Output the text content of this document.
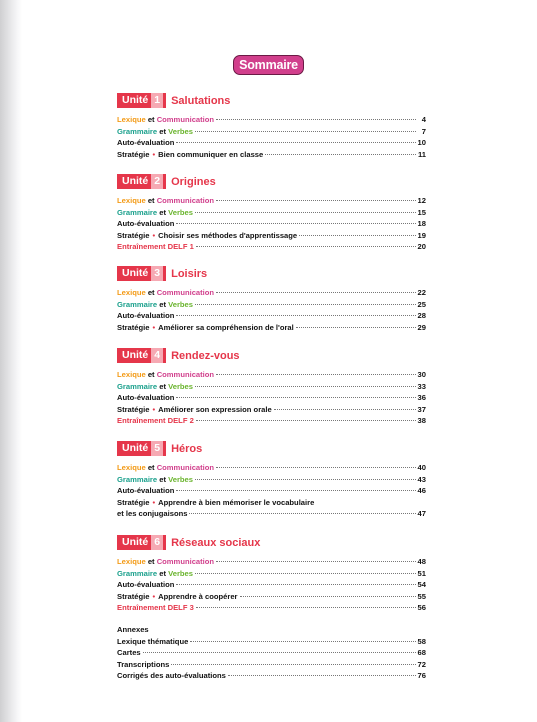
Sommaire
Unité 1	Salutations
Lexique et Communication	4
Grammaire et Verbes	7
Auto-évaluation	10
Stratégie • Bien communiquer en classe	11
Unité 2	Origines
Lexique et Communication	12
Grammaire et Verbes	15
Auto-évaluation	18
Stratégie • Choisir ses méthodes d'apprentissage	19
Entraînement DELF 1	20
Unité 3	Loisirs
Lexique et Communication	22
Grammaire et Verbes	25
Auto-évaluation	28
Stratégie • Améliorer sa compréhension de l'oral	29
Unité 4	Rendez-vous
Lexique et Communication	30
Grammaire et Verbes	33
Auto-évaluation	36
Stratégie • Améliorer son expression orale	37
Entraînement DELF 2	38
Unité 5	Héros
Lexique et Communication	40
Grammaire et Verbes	43
Auto-évaluation	46
Stratégie • Apprendre à bien mémoriser le vocabulaire
et les conjugaisons	47
Unité 6	Réseaux sociaux
Lexique et Communication	48
Grammaire et Verbes	51
Auto-évaluation	54
Stratégie • Apprendre à coopérer	55
Entraînement DELF 3	56
Annexes
Lexique thématique	58
Cartes	68
Transcriptions	72
Corrigés des auto-évaluations	76
